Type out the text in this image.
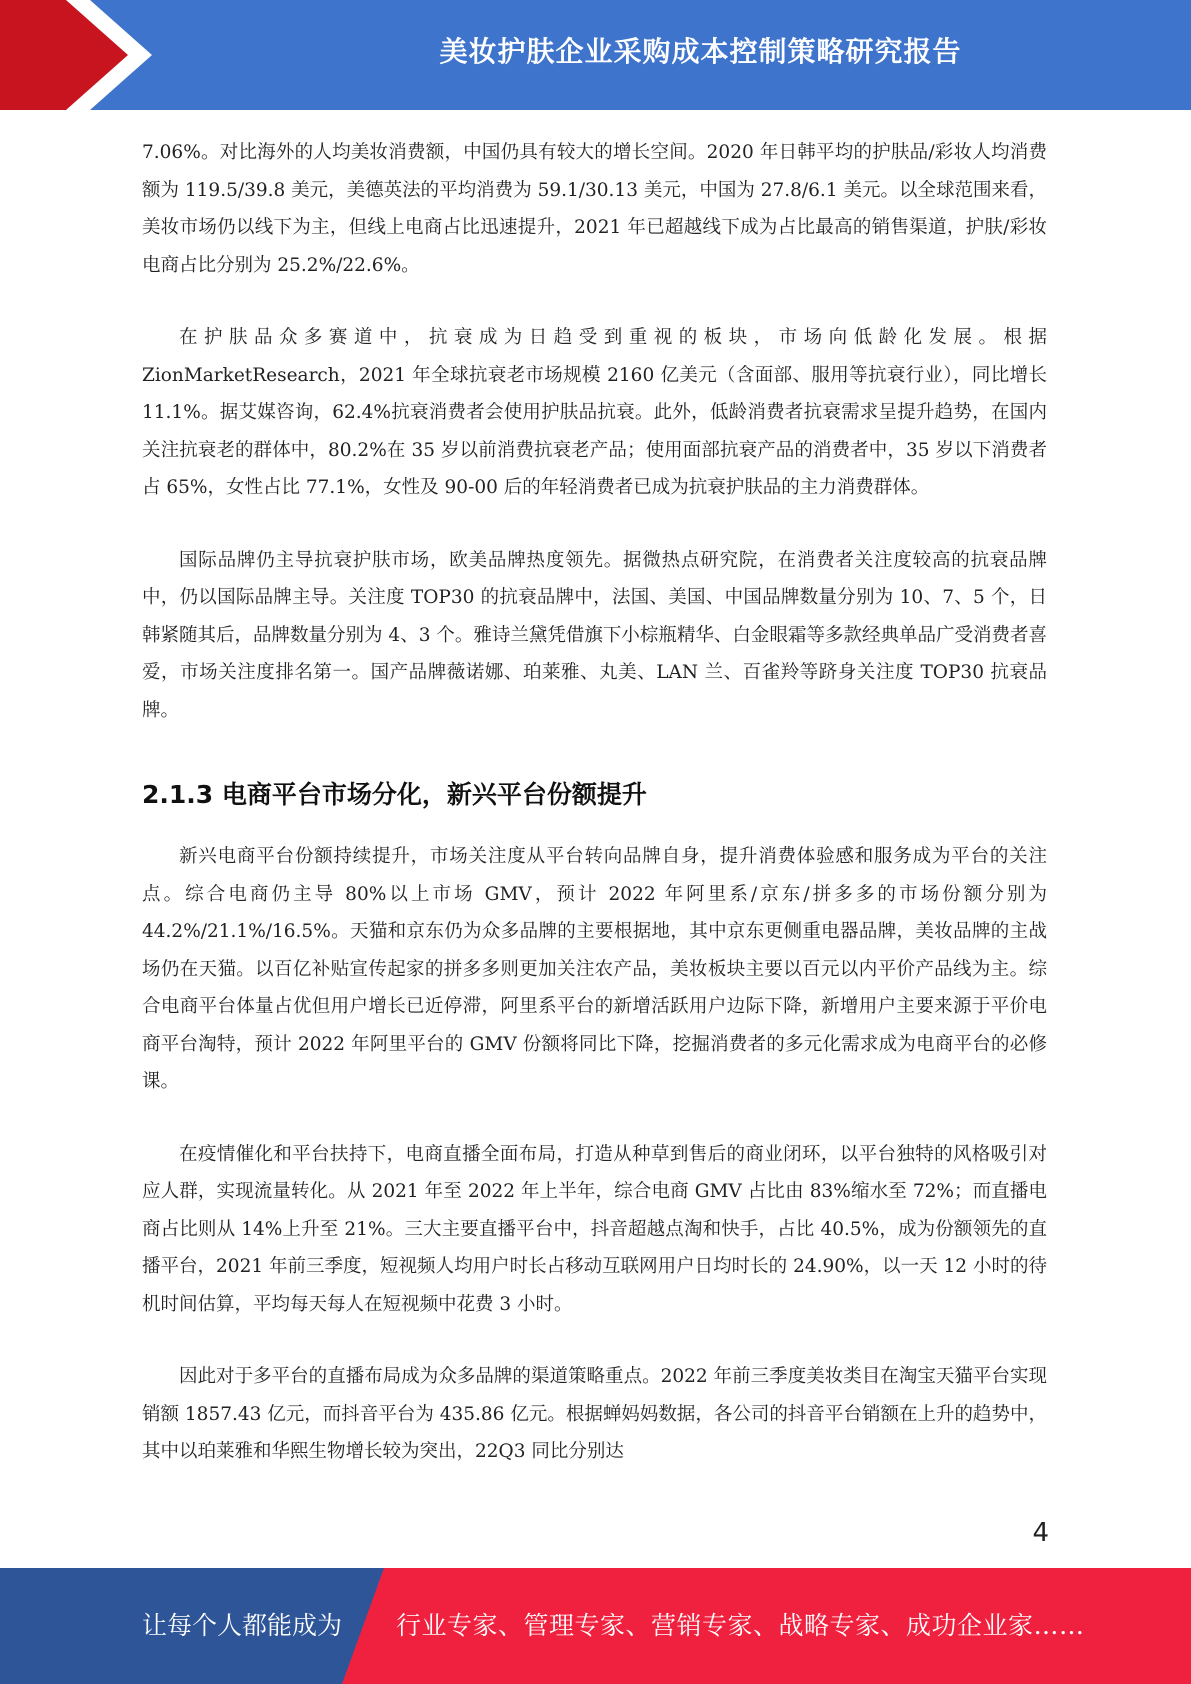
美妆护肤企业采购成本控制策略研究报告

7.06%。对比海外的人均美妆消费额，中国仍具有较大的增长空间。2020 年日韩平均的护肤品/彩妆人均消费额为 119.5/39.8 美元，美德英法的平均消费为 59.1/30.13 美元，中国为 27.8/6.1 美元。以全球范围来看，美妆市场仍以线下为主，但线上电商占比迅速提升，2021 年已超越线下成为占比最高的销售渠道，护肤/彩妆电商占比分别为 25.2%/22.6%。

在护肤品众多赛道中，抗衰成为日趋受到重视的板块，市场向低龄化发展。根据 ZionMarketResearch，2021 年全球抗衰老市场规模 2160 亿美元（含面部、服用等抗衰行业），同比增长 11.1%。据艾媒咨询，62.4%抗衰消费者会使用护肤品抗衰。此外，低龄消费者抗衰需求呈提升趋势，在国内关注抗衰老的群体中，80.2%在 35 岁以前消费抗衰老产品；使用面部抗衰产品的消费者中，35 岁以下消费者占 65%，女性占比 77.1%，女性及 90-00 后的年轻消费者已成为抗衰护肤品的主力消费群体。

国际品牌仍主导抗衰护肤市场，欧美品牌热度领先。据微热点研究院，在消费者关注度较高的抗衰品牌中，仍以国际品牌主导。关注度 TOP30 的抗衰品牌中，法国、美国、中国品牌数量分别为 10、7、5 个，日韩紧随其后，品牌数量分别为 4、3 个。雅诗兰黛凭借旗下小棕瓶精华、白金眼霜等多款经典单品广受消费者喜爱，市场关注度排名第一。国产品牌薇诺娜、珀莱雅、丸美、LAN 兰、百雀羚等跻身关注度 TOP30 抗衰品牌。

2.1.3 电商平台市场分化，新兴平台份额提升

新兴电商平台份额持续提升，市场关注度从平台转向品牌自身，提升消费体验感和服务成为平台的关注点。综合电商仍主导 80%以上市场 GMV，预计 2022 年阿里系/京东/拼多多的市场份额分别为 44.2%/21.1%/16.5%。天猫和京东仍为众多品牌的主要根据地，其中京东更侧重电器品牌，美妆品牌的主战场仍在天猫。以百亿补贴宣传起家的拼多多则更加关注农产品，美妆板块主要以百元以内平价产品线为主。综合电商平台体量占优但用户增长已近停滞，阿里系平台的新增活跃用户边际下降，新增用户主要来源于平价电商平台淘特，预计 2022 年阿里平台的 GMV 份额将同比下降，挖掘消费者的多元化需求成为电商平台的必修课。

在疫情催化和平台扶持下，电商直播全面布局，打造从种草到售后的商业闭环，以平台独特的风格吸引对应人群，实现流量转化。从 2021 年至 2022 年上半年，综合电商 GMV 占比由 83%缩水至 72%；而直播电商占比则从 14%上升至 21%。三大主要直播平台中，抖音超越点淘和快手，占比 40.5%，成为份额领先的直播平台，2021 年前三季度，短视频人均用户时长占移动互联网用户日均时长的 24.90%，以一天 12 小时的待机时间估算，平均每天每人在短视频中花费 3 小时。

因此对于多平台的直播布局成为众多品牌的渠道策略重点。2022 年前三季度美妆类目在淘宝天猫平台实现销额 1857.43 亿元，而抖音平台为 435.86 亿元。根据蝉妈妈数据，各公司的抖音平台销额在上升的趋势中，其中以珀莱雅和华熙生物增长较为突出，22Q3 同比分别达

4
让每个人都能成为 行业专家、管理专家、营销专家、战略专家、成功企业家……
